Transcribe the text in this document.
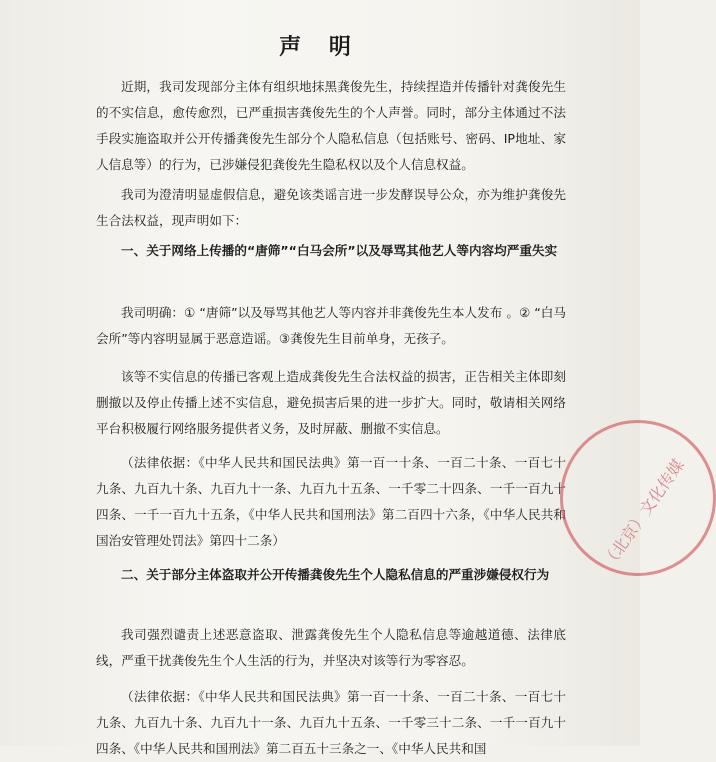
声 明

近期，我司发现部分主体有组织地抹黑龚俊先生，持续捏造并传播针对龚俊先生的不实信息，愈传愈烈，已严重损害龚俊先生的个人声誉。同时，部分主体通过不法手段实施盗取并公开传播龚俊先生部分个人隐私信息（包括账号、密码、IP地址、家人信息等）的行为，已涉嫌侵犯龚俊先生隐私权以及个人信息权益。

我司为澄清明显虚假信息，避免该类谣言进一步发酵误导公众，亦为维护龚俊先生合法权益，现声明如下：

一、关于网络上传播的“唐筛”“白马会所”以及辱骂其他艺人等内容均严重失实

我司明确：① “唐筛”以及辱骂其他艺人等内容并非龚俊先生本人发布 。② “白马会所”等内容明显属于恶意造谣。③龚俊先生目前单身，无孩子。

该等不实信息的传播已客观上造成龚俊先生合法权益的损害，正告相关主体即刻删撤以及停止传播上述不实信息，避免损害后果的进一步扩大。同时，敬请相关网络平台积极履行网络服务提供者义务，及时屏蔽、删撤不实信息。

（法律依据：《中华人民共和国民法典》第一百一十条、一百二十条、一百七十九条、九百九十条、九百九十一条、九百九十五条、一千零二十四条、一千一百九十四条、一千一百九十五条，《中华人民共和国刑法》第二百四十六条，《中华人民共和国治安管理处罚法》第四十二条）

二、关于部分主体盗取并公开传播龚俊先生个人隐私信息的严重涉嫌侵权行为

我司强烈谴责上述恶意盗取、泄露龚俊先生个人隐私信息等逾越道德、法律底线，严重干扰龚俊先生个人生活的行为，并坚决对该等行为零容忍。

（法律依据：《中华人民共和国民法典》第一百一十条、一百二十条、一百七十九条、九百九十条、九百九十一条、九百九十五条、一千零三十二条、一千一百九十四条、《中华人民共和国刑法》第二百五十三条之一、《中华人民共和国

（北京）文化传媒
